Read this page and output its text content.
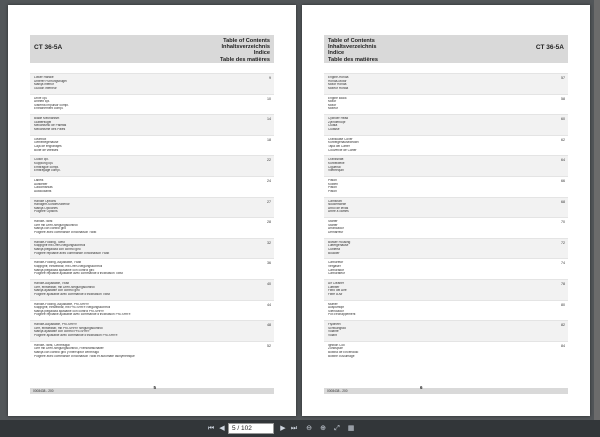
CT 36-5A
Table of Contents
Inhaltsverzeichnis
Indice
Table des matières
Lower Handle
Unterer Führungsbügel
Manija inferior
Guidon inférieur
9
Drive cpl.
Antrieb kpl.
Sistema Impulsor compl.
Entraînement compl.
10
Blade Mechanism
Glätterflügel
Mecanismo de Paletas
Mécanisme des Pales
14
Gearbox
Getriebegehäuse
Caja de engranajes
Boîte de vitesses
18
Clutch cpl.
Kupplung kpl.
Embrague compl.
Embrayage compl.
22
Labels
Aufkleber
Calcomanías
Autocollants
24
Handle Options
Handgriff-Sonderzubehör
Manija Opciones
Poignée Options
27
Handle-Twist
Griff mit Dreh-Neigungskontroll
Manija con control giro
Poignée avec commande d'inclinaison Twist
28
Handle-Folding, Twist
Klappgriff mit Dreh-Neigungskontroll
Manija plegadiza con control giro
Poignée repliable avec commande d'inclinaison Twist
32
Handle-Folding, Adjustable, Twist
Klappgriff, einstellbar, mit Dreh-Neigungskontroll
Manija plegadiza ajustable con control giro
Poignée repliable ajustable avec commande d'inclinaison Twist
36
Handle-Adjustable, Twist
Griff, einstellbar, mit Dreh-Neigungskontroll
Manija ajustable con control giro
Poignée ajustable avec commande d'inclinaison Twist
40
Handle-Folding, Adjustable, Pro-SHR®
Klappgriff, einstellbar, mit Pro-SHR® Neigungskontroll
Manija plegadiza ajustable con control Pro-SHR®
Poignée repliable ajustable avec commande d'inclinaison Pro-SHR®
44
Handle-Adjustable, Pro-SHR®
Griff, einstellbar, mit Pro-SHR® Neigungskontroll
Manija ajustable con control Pro-SHR®
Poignée ajustable avec commande d'inclinaison Pro-SHR®
48
Handle-Twist, Centrifugal
Griff mit Dreh-Neigungskontroll, Fliehkraftschalter
Manija con control giro y interruptor centrífugo
Poignée avec commande d'inclinaison Twist et automate tachymétrique
52
0008438 - 200
5
Table of Contents
Inhaltsverzeichnis
Indice
Table des matières
CT 36-5A
Engine-Honda
Honda-Motor
Motor Honda
Moteur Honda
57
Engine Block
Motor
Motor
Moteur
58
Cylinder Head
Zylinderkopf
Culata
Culasse
60
Crankcase Cover
Kurbelgehäusedeckel
Tapa del Cárter
Couvercle de Carter
62
Crankshaft
Kurbelwelle
Cigüeñal
Vilebrequin
64
Piston
Kolben
Pistón
Piston
66
Camshaft
Nockenwelle
Árbol de levas
Arbre à cames
68
Starter
Starter
Arrancador
Démarreur
70
Blower Housing
Lüftergehäuse
Cubierta
Bouclier
72
Carburetor
Vergaser
Carburador
Carburateur
74
Air Cleaner
Luftfilter
Filtro del Aire
Filtre à Air
78
Muffler
Auspufftopf
Silenciador
Pot d'échappement
80
Flywheel
Schwungrad
Volante
Volant
82
Ignition Coil
Zündspule
Bobina de Encendido
Bobine d'Allumage
84
0008438 - 200
6
⏮ ◀	5 / 102	▶ ⏭ ⊖ ⊕	⤢	▦
